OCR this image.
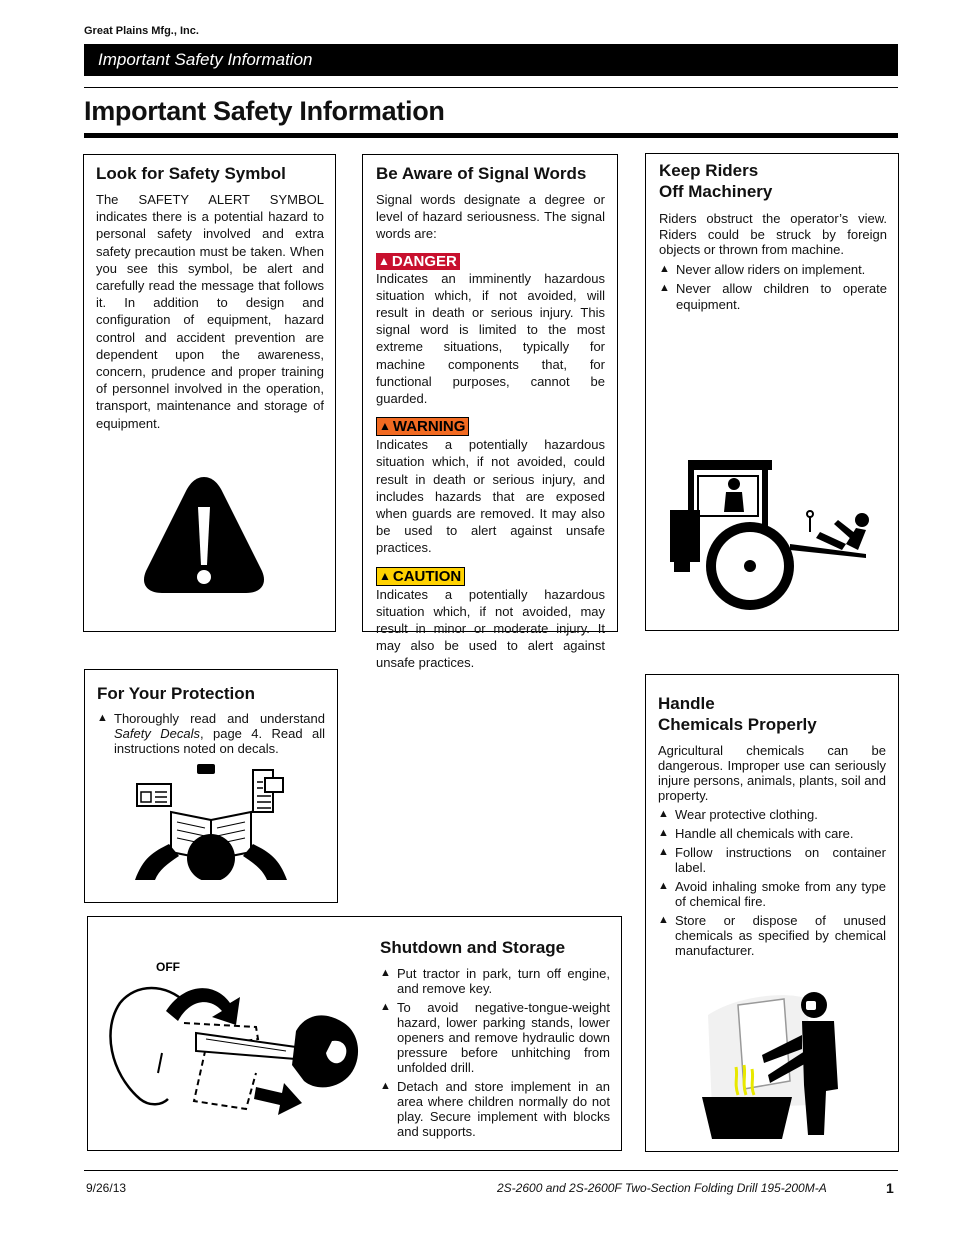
Great Plains Mfg., Inc.
Important Safety Information
Important Safety Information
Look for Safety Symbol
The SAFETY ALERT SYMBOL indicates there is a potential hazard to personal safety involved and extra safety precaution must be taken. When you see this symbol, be alert and carefully read the message that follows it. In addition to design and configuration of equipment, hazard control and accident prevention are dependent upon the awareness, concern, prudence and proper training of personnel involved in the operation, transport, maintenance and storage of equipment.
Be Aware of Signal Words

Signal words designate a degree or level of hazard seriousness. The signal words are:

▲ DANGER

Indicates an imminently hazardous situation which, if not avoided, will result in death or serious injury. This signal word is limited to the most extreme situations, typically for machine components that, for functional purposes, cannot be guarded.

▲ WARNING

Indicates a potentially hazardous situation which, if not avoided, could result in death or serious injury, and includes hazards that are exposed when guards are removed. It may also be used to alert against unsafe practices.

▲ CAUTION

Indicates a potentially hazardous situation which, if not avoided, may result in minor or moderate injury. It may also be used to alert against unsafe practices.

Keep Riders
Off Machinery

Riders obstruct the operator’s view. Riders could be struck by foreign objects or thrown from machine.

▲ Never allow riders on implement.
▲ Never allow children to operate equipment.
For Your Protection
▲ Thoroughly read and understand Safety Decals, page 4. Read all instructions noted on decals.
Handle
Chemicals Properly

Agricultural chemicals can be dangerous. Improper use can seriously injure persons, animals, plants, soil and property.

▲ Wear protective clothing.
▲ Handle all chemicals with care.
▲ Follow instructions on container label.
▲ Avoid inhaling smoke from any type of chemical fire.
▲ Store or dispose of unused chemicals as specified by chemical manufacturer.
OFF
Shutdown and Storage
▲ Put tractor in park, turn off engine, and remove key.
▲ To avoid negative-tongue-weight hazard, lower parking stands, lower openers and remove hydraulic down pressure before unhitching from unfolded drill.
▲ Detach and store implement in an area where children normally do not play. Secure implement with blocks and supports.
9/26/13	2S-2600 and 2S-2600F Two-Section Folding Drill 195-200M-A	1
